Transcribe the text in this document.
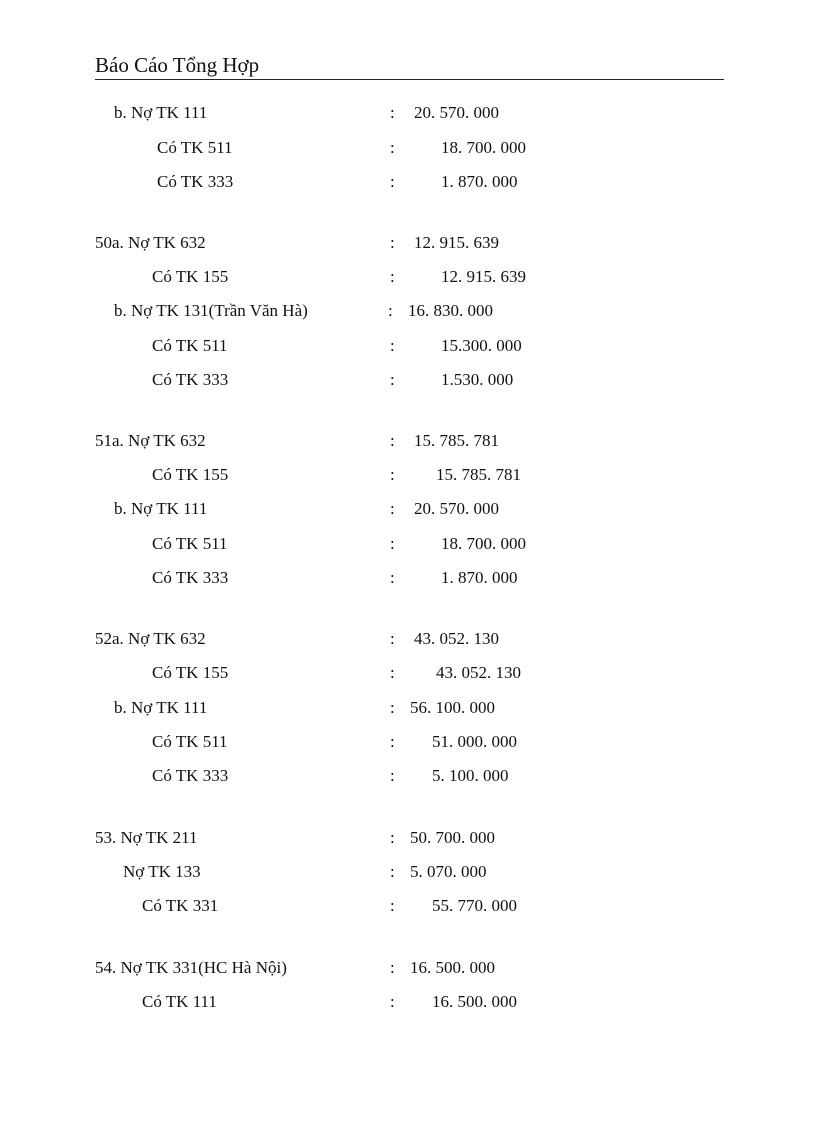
Báo Cáo Tổng Hợp
b. Nợ TK 111	: 20. 570. 000
Có TK 511	:	18. 700. 000
Có TK 333	:	1. 870. 000
50a. Nợ TK 632	: 12. 915. 639
Có TK 155	:	12. 915. 639
b. Nợ TK 131(Trần Văn Hà)	: 16. 830. 000
Có TK 511	:	15.300. 000
Có TK 333	:	1.530. 000
51a. Nợ TK 632	: 15. 785. 781
Có TK 155	: 15. 785. 781
b. Nợ TK 111	: 20. 570. 000
Có TK 511	:	18. 700. 000
Có TK 333	:	1. 870. 000
52a. Nợ TK 632	: 43. 052. 130
Có TK 155	: 43. 052. 130
b. Nợ TK 111	: 56. 100. 000
Có TK 511	: 51. 000. 000
Có TK 333	: 5. 100. 000
53. Nợ TK 211	: 50. 700. 000
Nợ TK 133	: 5. 070. 000
Có TK 331	: 55. 770. 000
54. Nợ TK 331(HC Hà Nội)	: 16. 500. 000
Có TK 111	: 16. 500. 000
